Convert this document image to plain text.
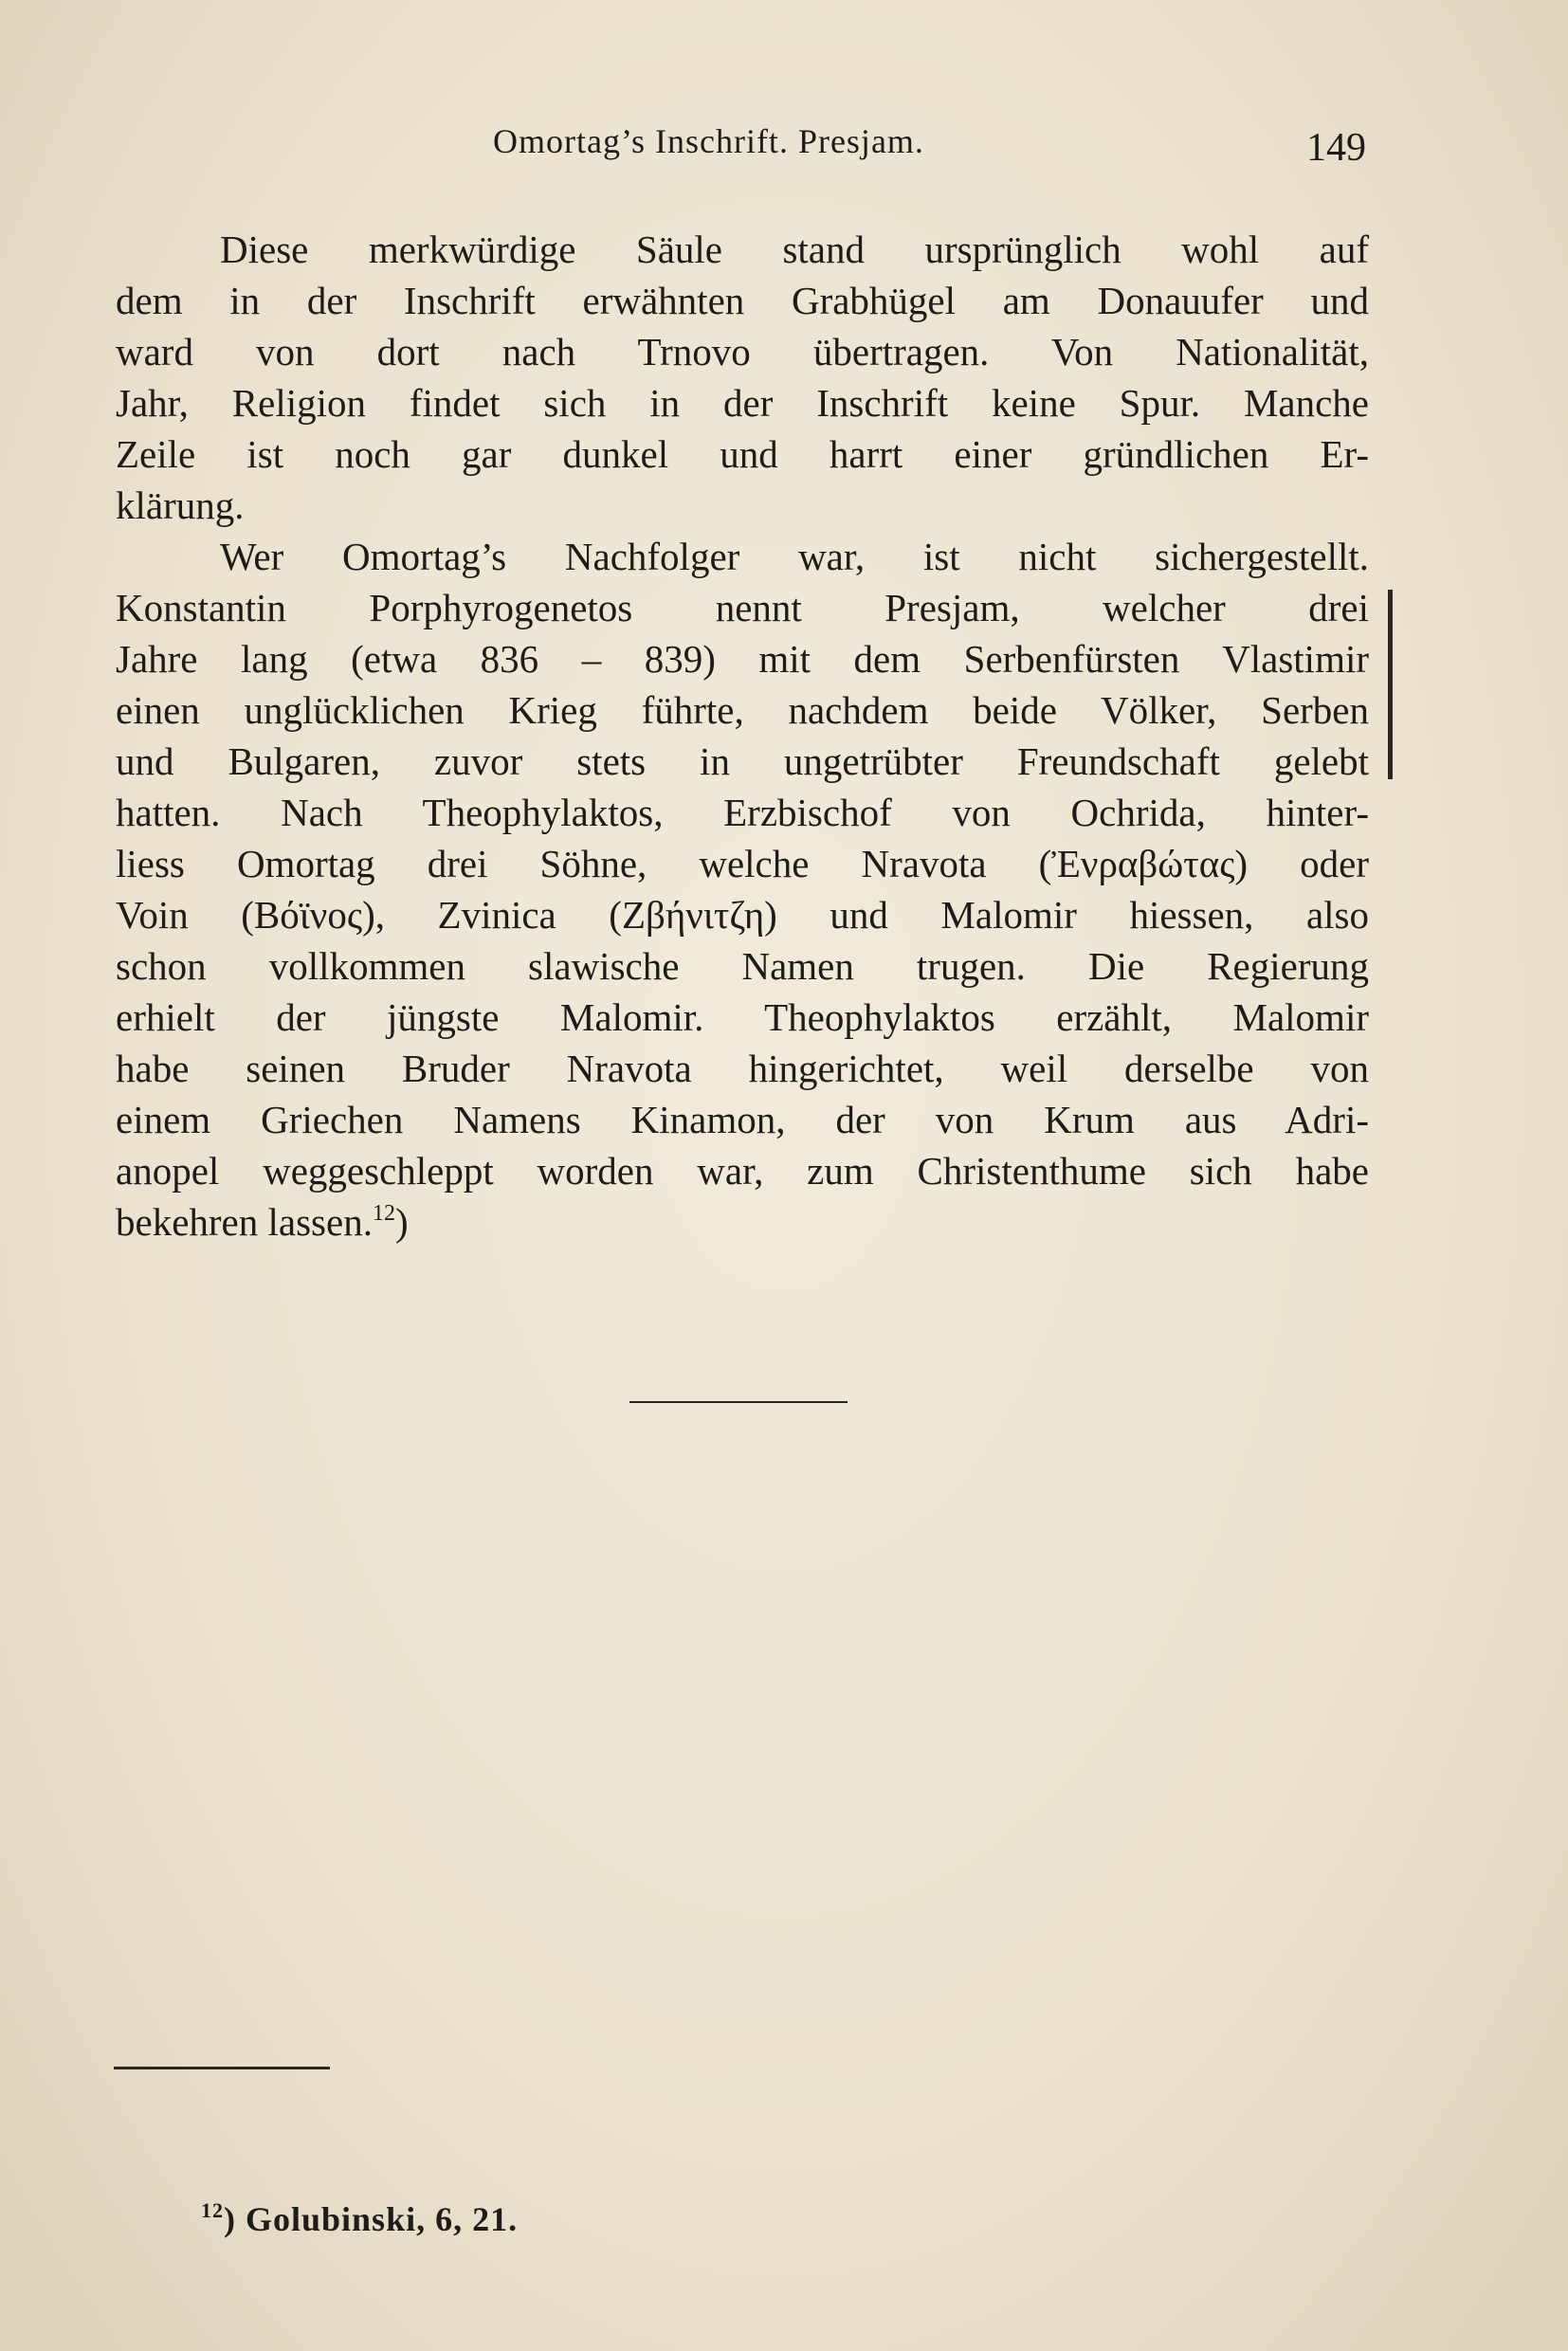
Omortag’s Inschrift. Presjam.	149
Diese merkwürdige Säule stand ursprünglich wohl auf
dem in der Inschrift erwähnten Grabhügel am Donauufer und
ward von dort nach Trnovo übertragen. Von Nationalität,
Jahr, Religion findet sich in der Inschrift keine Spur. Manche
Zeile ist noch gar dunkel und harrt einer gründlichen Er-
klärung.
Wer Omortag’s Nachfolger war, ist nicht sichergestellt.
Konstantin Porphyrogenetos nennt Presjam, welcher drei
Jahre lang (etwa 836 – 839) mit dem Serbenfürsten Vlastimir
einen unglücklichen Krieg führte, nachdem beide Völker, Serben
und Bulgaren, zuvor stets in ungetrübter Freundschaft gelebt
hatten. Nach Theophylaktos, Erzbischof von Ochrida, hinter-
liess Omortag drei Söhne, welche Nravota (Ἐνραβώτας) oder
Voin (Βόϊνος), Zvinica (Ζβήνιτζη) und Malomir hiessen, also
schon vollkommen slawische Namen trugen. Die Regierung
erhielt der jüngste Malomir. Theophylaktos erzählt, Malomir
habe seinen Bruder Nravota hingerichtet, weil derselbe von
einem Griechen Namens Kinamon, der von Krum aus Adri-
anopel weggeschleppt worden war, zum Christenthume sich habe
bekehren lassen.$^{12}$)
$^{12}$) Golubinski, 6, 21.
